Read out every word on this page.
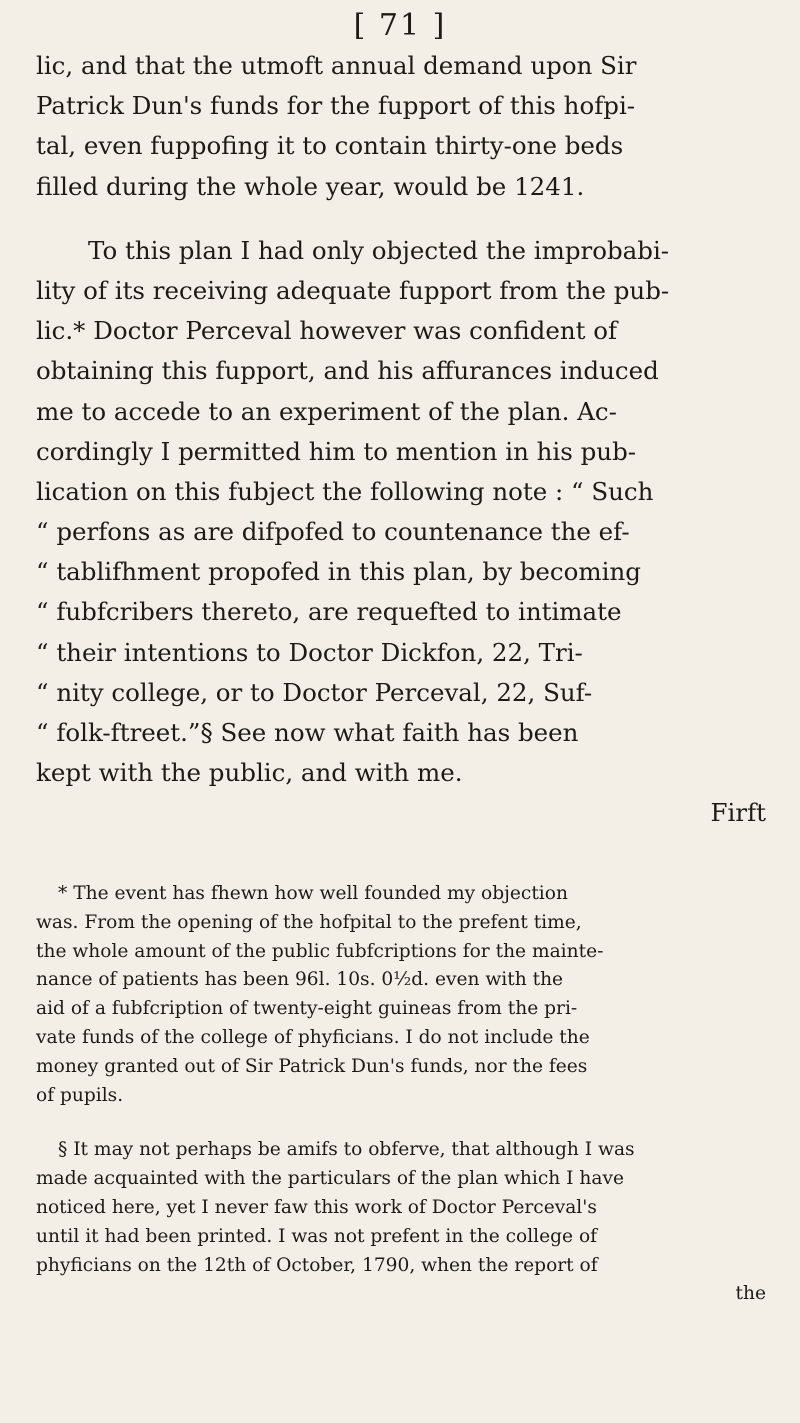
[ 71 ]
lic, and that the utmoft annual demand upon Sir
Patrick Dun's funds for the fupport of this hofpi-
tal, even fuppofing it to contain thirty-one beds
filled during the whole year, would be 1241.
To this plan I had only objected the improbabi-
lity of its receiving adequate fupport from the pub-
lic.* Doctor Perceval however was confident of
obtaining this fupport, and his affurances induced
me to accede to an experiment of the plan. Ac-
cordingly I permitted him to mention in his pub-
lication on this fubject the following note : “ Such
“ perfons as are difpofed to countenance the ef-
“ tablifhment propofed in this plan, by becoming
“ fubfcribers thereto, are requefted to intimate
“ their intentions to Doctor Dickfon, 22, Tri-
“ nity college, or to Doctor Perceval, 22, Suf-
“ folk-ftreet.”§ See now what faith has been
kept with the public, and with me.
Firft
* The event has fhewn how well founded my objection
was. From the opening of the hofpital to the prefent time,
the whole amount of the public fubfcriptions for the mainte-
nance of patients has been 96l. 10s. 0½d. even with the
aid of a fubfcription of twenty-eight guineas from the pri-
vate funds of the college of phyficians. I do not include the
money granted out of Sir Patrick Dun's funds, nor the fees
of pupils.
§ It may not perhaps be amifs to obferve, that although I was
made acquainted with the particulars of the plan which I have
noticed here, yet I never faw this work of Doctor Perceval's
until it had been printed. I was not prefent in the college of
phyficians on the 12th of October, 1790, when the report of
the
